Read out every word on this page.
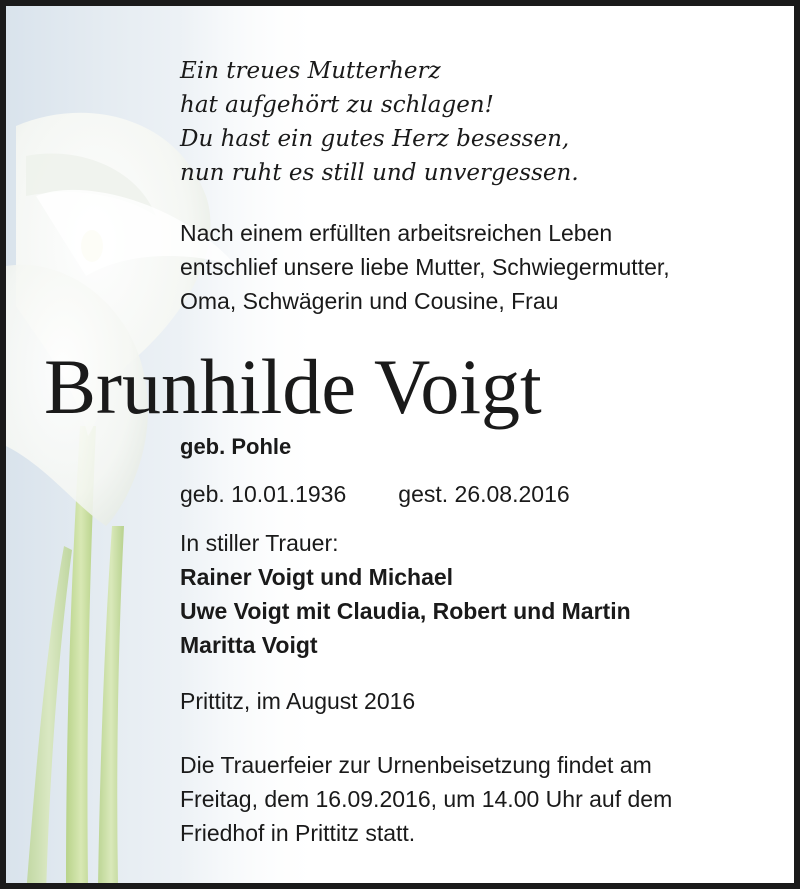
Ein treues Mutterherz
hat aufgehört zu schlagen!
Du hast ein gutes Herz besessen,
nun ruht es still und unvergessen.
Nach einem erfüllten arbeitsreichen Leben
entschlief unsere liebe Mutter, Schwiegermutter,
Oma, Schwägerin und Cousine, Frau
Brunhilde Voigt
geb. Pohle
geb. 10.01.1936 gest. 26.08.2016
In stiller Trauer:
Rainer Voigt und Michael
Uwe Voigt mit Claudia, Robert und Martin
Maritta Voigt
Prittitz, im August 2016
Die Trauerfeier zur Urnenbeisetzung findet am
Freitag, dem 16.09.2016, um 14.00 Uhr auf dem
Friedhof in Prittitz statt.
